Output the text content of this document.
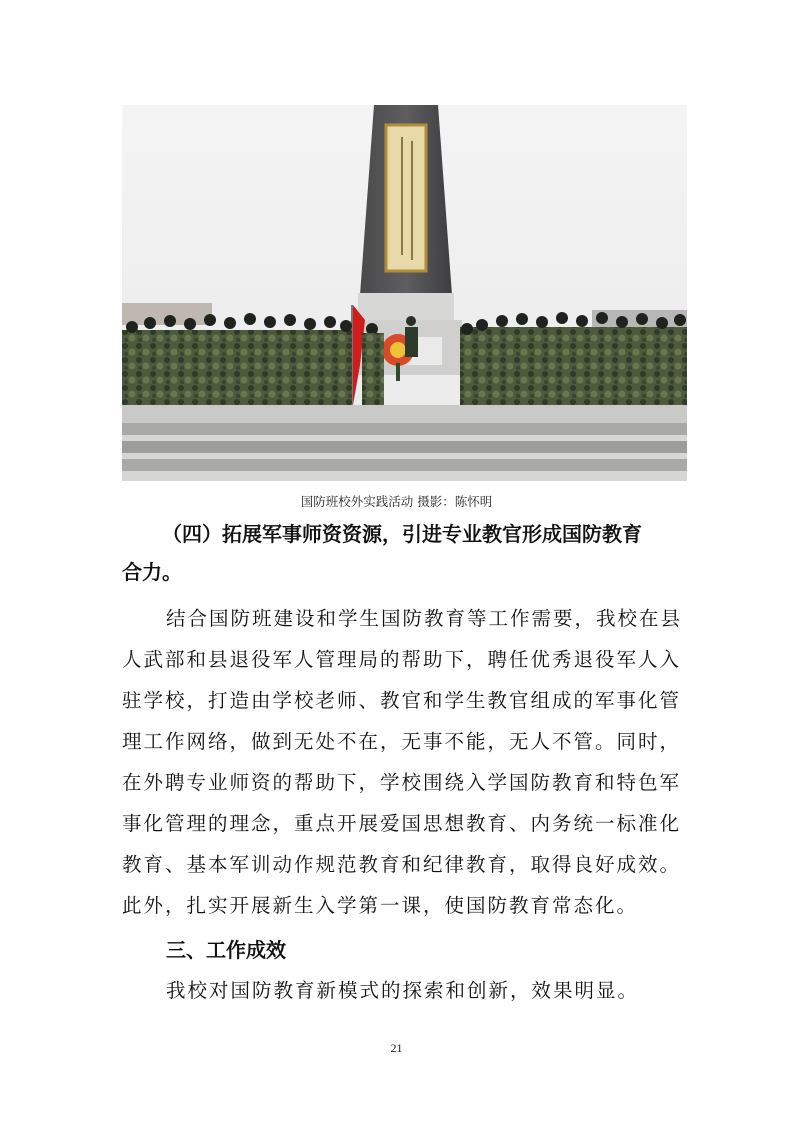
国防班校外实践活动 摄影：陈怀明
（四）拓展军事师资资源，引进专业教官形成国防教育
合力。
结合国防班建设和学生国防教育等工作需要，我校在县
人武部和县退役军人管理局的帮助下，聘任优秀退役军人入
驻学校，打造由学校老师、教官和学生教官组成的军事化管
理工作网络，做到无处不在，无事不能，无人不管。同时，
在外聘专业师资的帮助下，学校围绕入学国防教育和特色军
事化管理的理念，重点开展爱国思想教育、内务统一标准化
教育、基本军训动作规范教育和纪律教育，取得良好成效。
此外，扎实开展新生入学第一课，使国防教育常态化。
三、工作成效
我校对国防教育新模式的探索和创新，效果明显。
21
